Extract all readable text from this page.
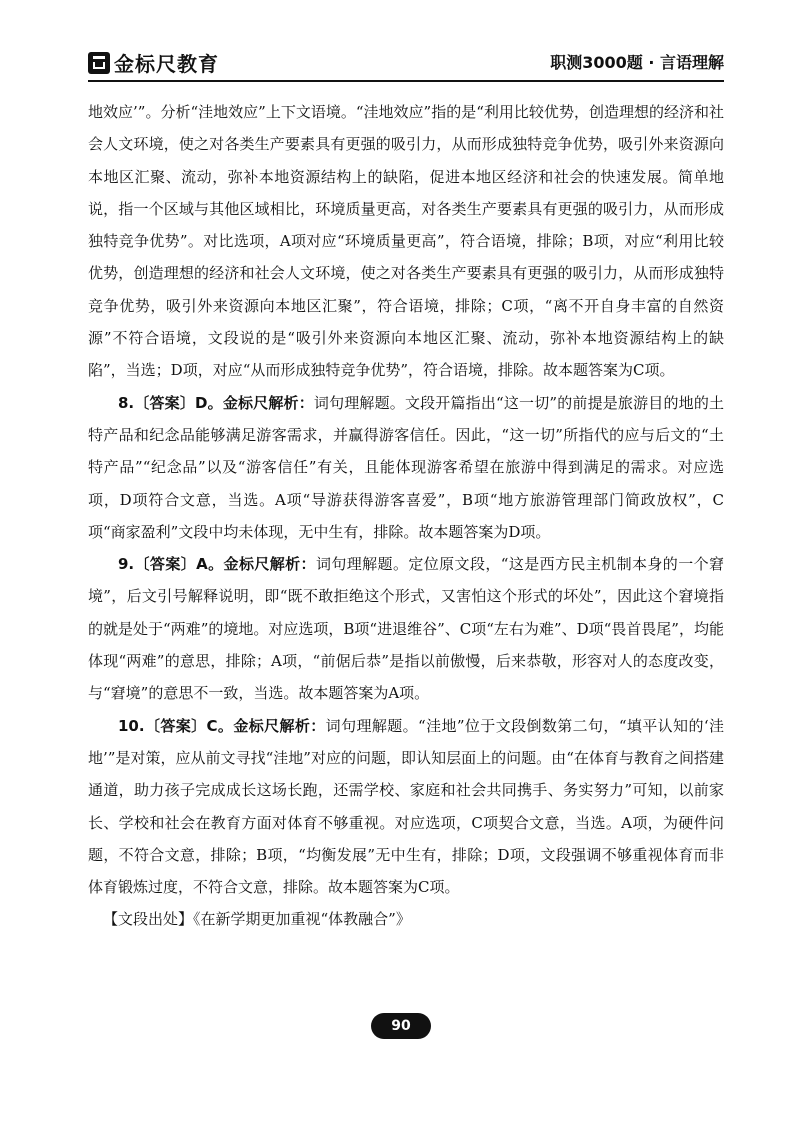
金标尺教育	职测3000题 · 言语理解

地效应’”。分析“洼地效应”上下文语境。“洼地效应”指的是“利用比较优势，创造理想的经济和社会人文环境，使之对各类生产要素具有更强的吸引力，从而形成独特竞争优势，吸引外来资源向本地区汇聚、流动，弥补本地资源结构上的缺陷，促进本地区经济和社会的快速发展。简单地说，指一个区域与其他区域相比，环境质量更高，对各类生产要素具有更强的吸引力，从而形成独特竞争优势”。对比选项，A项对应“环境质量更高”，符合语境，排除；B项，对应“利用比较优势，创造理想的经济和社会人文环境，使之对各类生产要素具有更强的吸引力，从而形成独特竞争优势，吸引外来资源向本地区汇聚”，符合语境，排除；C项，“离不开自身丰富的自然资源”不符合语境，文段说的是“吸引外来资源向本地区汇聚、流动，弥补本地资源结构上的缺陷”，当选；D项，对应“从而形成独特竞争优势”，符合语境，排除。故本题答案为C项。

8.〔答案〕D。金标尺解析：词句理解题。文段开篇指出“这一切”的前提是旅游目的地的土特产品和纪念品能够满足游客需求，并赢得游客信任。因此，“这一切”所指代的应与后文的“土特产品”“纪念品”以及“游客信任”有关，且能体现游客希望在旅游中得到满足的需求。对应选项，D项符合文意，当选。A项“导游获得游客喜爱”，B项“地方旅游管理部门简政放权”，C项“商家盈利”文段中均未体现，无中生有，排除。故本题答案为D项。

9.〔答案〕A。金标尺解析：词句理解题。定位原文段，“这是西方民主机制本身的一个窘境”，后文引号解释说明，即“既不敢拒绝这个形式，又害怕这个形式的坏处”，因此这个窘境指的就是处于“两难”的境地。对应选项，B项“进退维谷”、C项“左右为难”、D项“畏首畏尾”，均能体现“两难”的意思，排除；A项，“前倨后恭”是指以前傲慢，后来恭敬，形容对人的态度改变，与“窘境”的意思不一致，当选。故本题答案为A项。

10.〔答案〕C。金标尺解析：词句理解题。“洼地”位于文段倒数第二句，“填平认知的‘洼地’”是对策，应从前文寻找“洼地”对应的问题，即认知层面上的问题。由“在体育与教育之间搭建通道，助力孩子完成成长这场长跑，还需学校、家庭和社会共同携手、务实努力”可知，以前家长、学校和社会在教育方面对体育不够重视。对应选项，C项契合文意，当选。A项，为硬件问题，不符合文意，排除；B项，“均衡发展”无中生有，排除；D项，文段强调不够重视体育而非体育锻炼过度，不符合文意，排除。故本题答案为C项。

【文段出处】《在新学期更加重视“体教融合”》

90
